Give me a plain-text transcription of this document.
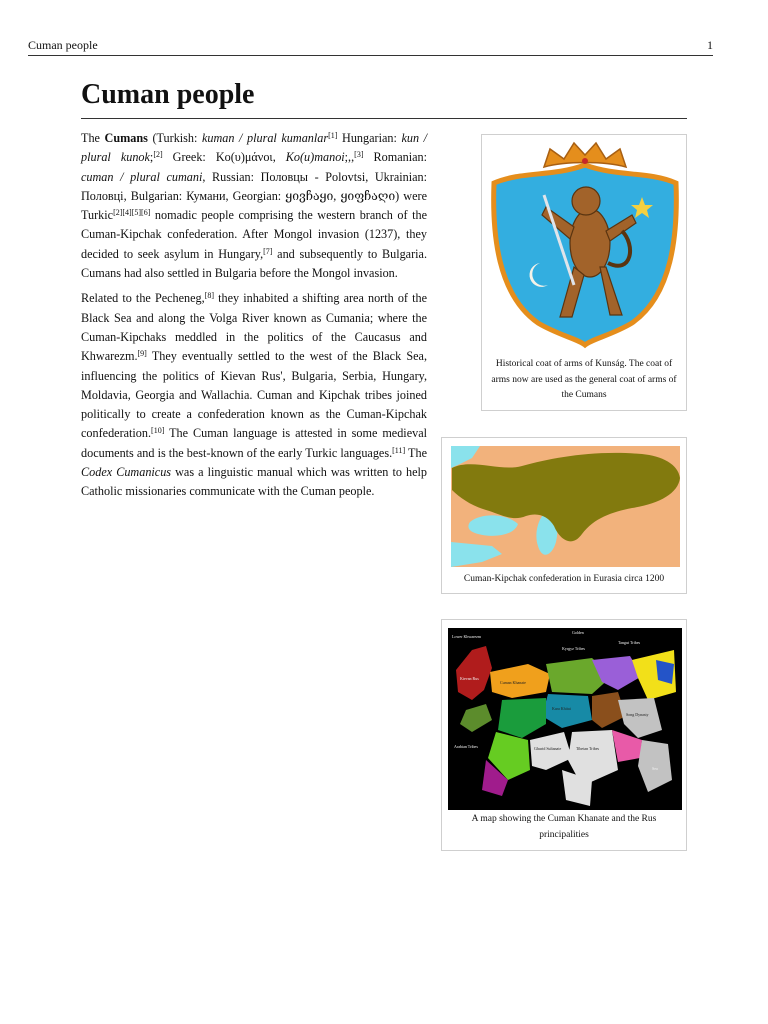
Cuman people	1
Cuman people

The Cumans (Turkish: kuman / plural kumanlar[1] Hungarian: kun / plural kunok;[2] Greek: Κο(υ)μάνοι, Ko(u)manoi;,,[3] Romanian: cuman / plural cumani, Russian: Половцы - Polovtsi, Ukrainian: Половці, Bulgarian: Кумани, Georgian: ყივჩაყი, ყიფჩაღი) were Turkic[2][4][5][6] nomadic people comprising the western branch of the Cuman-Kipchak confederation. After Mongol invasion (1237), they decided to seek asylum in Hungary,[7] and subsequently to Bulgaria. Cumans had also settled in Bulgaria before the Mongol invasion.

Related to the Pecheneg,[8] they inhabited a shifting area north of the Black Sea and along the Volga River known as Cumania; where the Cuman-Kipchaks meddled in the politics of the Caucasus and Khwarezm.[9] They eventually settled to the west of the Black Sea, influencing the politics of Kievan Rus', Bulgaria, Serbia, Hungary, Moldavia, Georgia and Wallachia. Cuman and Kipchak tribes joined politically to create a confederation known as the Cuman-Kipchak confederation.[10] The Cuman language is attested in some medieval documents and is the best-known of the early Turkic languages.[11] The Codex Cumanicus was a linguistic manual which was written to help Catholic missionaries communicate with the Cuman people.

Historical coat of arms of Kunság. The coat of arms now are used as the general coat of arms of the Cumans
Cuman-Kipchak confederation in Eurasia circa 1200
Lower Khwarezm
Golden
Cuman Khanate
Kara Khitai
Song Dynasty
Tangut Tribes
Kyrgyz Tribes
Tibetan Tribes
Arabian Tribes	Ghurid Sultanate
Kievan Rus
Sea
A map showing the Cuman Khanate and the Rus principalities
